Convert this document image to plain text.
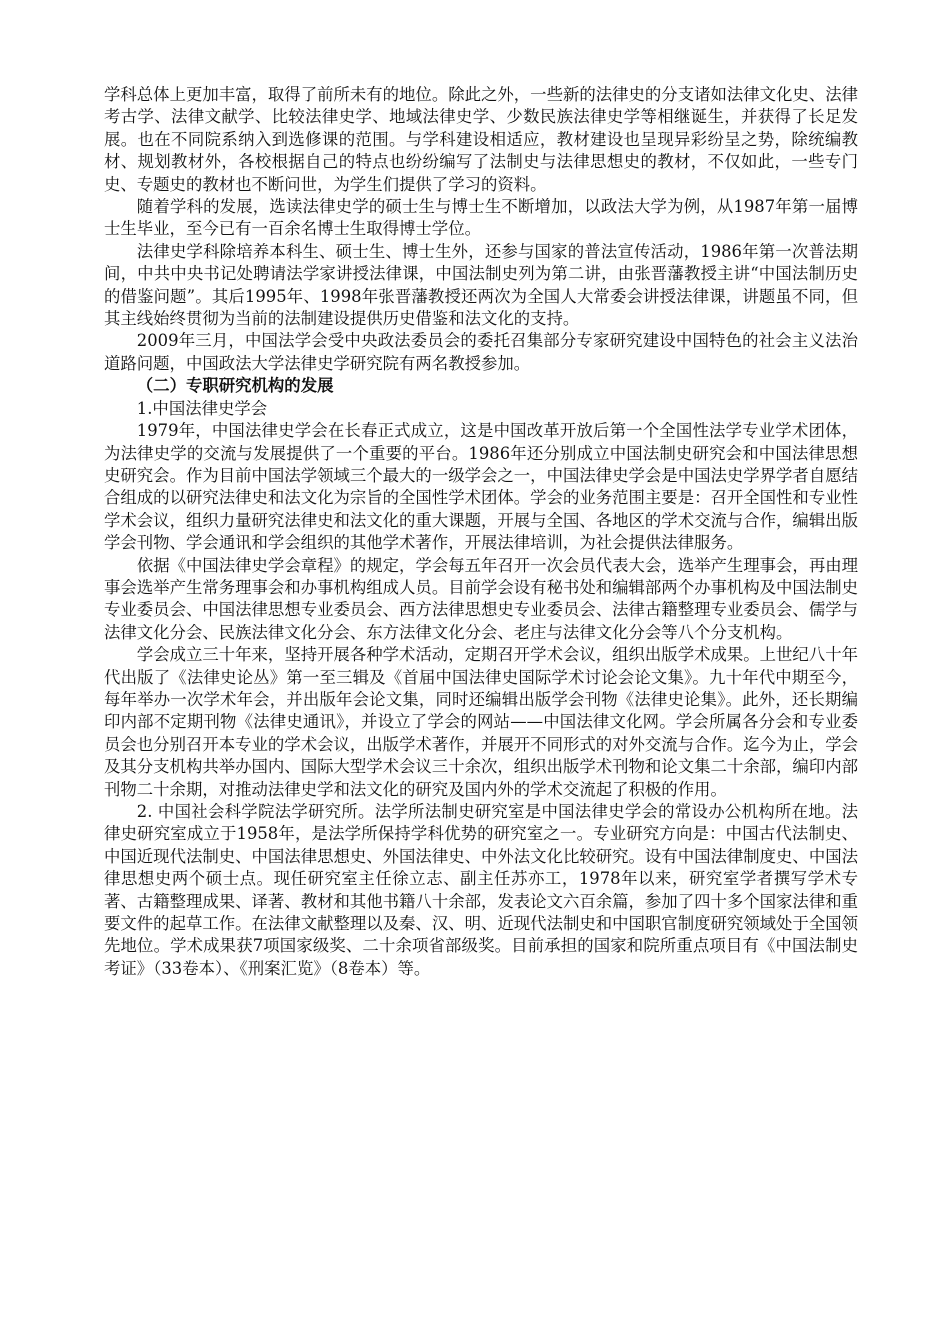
学科总体上更加丰富，取得了前所未有的地位。除此之外，一些新的法律史的分支诸如法律文化史、法律考古学、法律文献学、比较法律史学、地域法律史学、少数民族法律史学等相继诞生，并获得了长足发展。也在不同院系纳入到选修课的范围。与学科建设相适应，教材建设也呈现异彩纷呈之势，除统编教材、规划教材外，各校根据自己的特点也纷纷编写了法制史与法律思想史的教材，不仅如此，一些专门史、专题史的教材也不断问世，为学生们提供了学习的资料。

随着学科的发展，选读法律史学的硕士生与博士生不断增加，以政法大学为例，从1987年第一届博士生毕业，至今已有一百余名博士生取得博士学位。

法律史学科除培养本科生、硕士生、博士生外，还参与国家的普法宣传活动，1986年第一次普法期间，中共中央书记处聘请法学家讲授法律课，中国法制史列为第二讲，由张晋藩教授主讲“中国法制历史的借鉴问题”。其后1995年、1998年张晋藩教授还两次为全国人大常委会讲授法律课，讲题虽不同，但其主线始终贯彻为当前的法制建设提供历史借鉴和法文化的支持。

2009年三月，中国法学会受中央政法委员会的委托召集部分专家研究建设中国特色的社会主义法治道路问题，中国政法大学法律史学研究院有两名教授参加。

（二）专职研究机构的发展

1.中国法律史学会

1979年，中国法律史学会在长春正式成立，这是中国改革开放后第一个全国性法学专业学术团体，为法律史学的交流与发展提供了一个重要的平台。1986年还分别成立中国法制史研究会和中国法律思想史研究会。作为目前中国法学领域三个最大的一级学会之一，中国法律史学会是中国法史学界学者自愿结合组成的以研究法律史和法文化为宗旨的全国性学术团体。学会的业务范围主要是：召开全国性和专业性学术会议，组织力量研究法律史和法文化的重大课题，开展与全国、各地区的学术交流与合作，编辑出版学会刊物、学会通讯和学会组织的其他学术著作，开展法律培训，为社会提供法律服务。

依据《中国法律史学会章程》的规定，学会每五年召开一次会员代表大会，选举产生理事会，再由理事会选举产生常务理事会和办事机构组成人员。目前学会设有秘书处和编辑部两个办事机构及中国法制史专业委员会、中国法律思想专业委员会、西方法律思想史专业委员会、法律古籍整理专业委员会、儒学与法律文化分会、民族法律文化分会、东方法律文化分会、老庄与法律文化分会等八个分支机构。

学会成立三十年来，坚持开展各种学术活动，定期召开学术会议，组织出版学术成果。上世纪八十年代出版了《法律史论丛》第一至三辑及《首届中国法律史国际学术讨论会论文集》。九十年代中期至今，每年举办一次学术年会，并出版年会论文集，同时还编辑出版学会刊物《法律史论集》。此外，还长期编印内部不定期刊物《法律史通讯》，并设立了学会的网站——中国法律文化网。学会所属各分会和专业委员会也分别召开本专业的学术会议，出版学术著作，并展开不同形式的对外交流与合作。迄今为止，学会及其分支机构共举办国内、国际大型学术会议三十余次，组织出版学术刊物和论文集二十余部，编印内部刊物二十余期，对推动法律史学和法文化的研究及国内外的学术交流起了积极的作用。

2. 中国社会科学院法学研究所。法学所法制史研究室是中国法律史学会的常设办公机构所在地。法律史研究室成立于1958年，是法学所保持学科优势的研究室之一。专业研究方向是：中国古代法制史、中国近现代法制史、中国法律思想史、外国法律史、中外法文化比较研究。设有中国法律制度史、中国法律思想史两个硕士点。现任研究室主任徐立志、副主任苏亦工，1978年以来，研究室学者撰写学术专著、古籍整理成果、译著、教材和其他书籍八十余部，发表论文六百余篇，参加了四十多个国家法律和重要文件的起草工作。在法律文献整理以及秦、汉、明、近现代法制史和中国职官制度研究领域处于全国领先地位。学术成果获7项国家级奖、二十余项省部级奖。目前承担的国家和院所重点项目有《中国法制史考证》（33卷本）、《刑案汇览》（8卷本）等。
